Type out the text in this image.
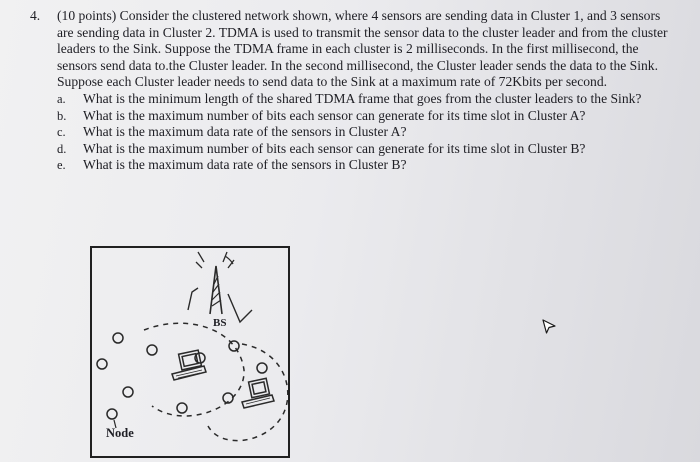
4.	(10 points) Consider the clustered network shown, where 4 sensors are sending data in Cluster 1, and 3 sensors are sending data in Cluster 2. TDMA is used to transmit the sensor data to the cluster leader and from the cluster leaders to the Sink. Suppose the TDMA frame in each cluster is 2 milliseconds. In the first millisecond, the sensors send data to.the Cluster leader. In the second millisecond, the Cluster leader sends the data to the Sink. Suppose each Cluster leader needs to send data to the Sink at a maximum rate of 72Kbits per second.
a.	What is the minimum length of the shared TDMA frame that goes from the cluster leaders to the Sink?
b.	What is the maximum number of bits each sensor can generate for its time slot in Cluster A?
c.	What is the maximum data rate of the sensors in Cluster A?
d.	What is the maximum number of bits each sensor can generate for its time slot in Cluster B?
e.	What is the maximum data rate of the sensors in Cluster B?
BS
Node
